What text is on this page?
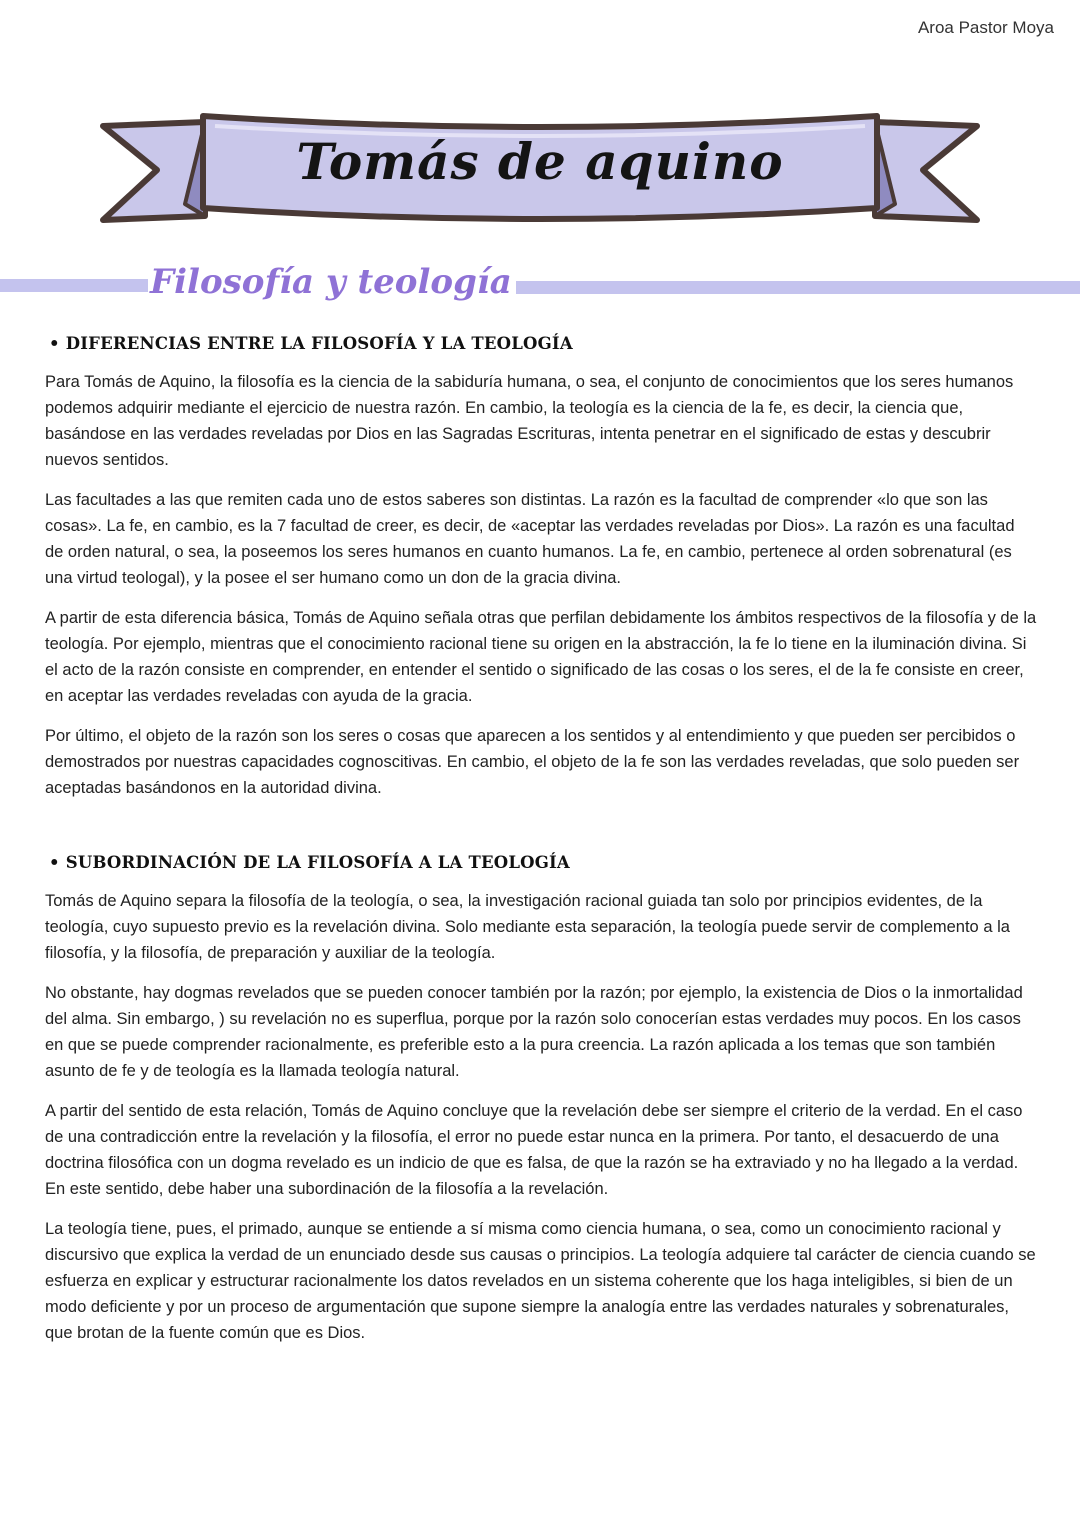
Aroa Pastor Moya
Tomás de aquino
Filosofía y teología
• DIFERENCIAS ENTRE LA FILOSOFÍA Y LA TEOLOGÍA

Para Tomás de Aquino, la filosofía es la ciencia de la sabiduría humana, o sea, el conjunto de conocimientos que los seres humanos podemos adquirir mediante el ejercicio de nuestra razón. En cambio, la teología es la ciencia de la fe, es decir, la ciencia que, basándose en las verdades reveladas por Dios en las Sagradas Escrituras, intenta penetrar en el significado de estas y descubrir nuevos sentidos.

Las facultades a las que remiten cada uno de estos saberes son distintas. La razón es la facultad de comprender «lo que son las cosas». La fe, en cambio, es la 7 facultad de creer, es decir, de «aceptar las verdades reveladas por Dios». La razón es una facultad de orden natural, o sea, la poseemos los seres humanos en cuanto humanos. La fe, en cambio, pertenece al orden sobrenatural (es una virtud teologal), y la posee el ser humano como un don de la gracia divina.

A partir de esta diferencia básica, Tomás de Aquino señala otras que perfilan debidamente los ámbitos respectivos de la filosofía y de la teología. Por ejemplo, mientras que el conocimiento racional tiene su origen en la abstracción, la fe lo tiene en la iluminación divina. Si el acto de la razón consiste en comprender, en entender el sentido o significado de las cosas o los seres, el de la fe consiste en creer, en aceptar las verdades reveladas con ayuda de la gracia.

Por último, el objeto de la razón son los seres o cosas que aparecen a los sentidos y al entendimiento y que pueden ser percibidos o demostrados por nuestras capacidades cognoscitivas. En cambio, el objeto de la fe son las verdades reveladas, que solo pueden ser aceptadas basándonos en la autoridad divina.

• SUBORDINACIÓN DE LA FILOSOFÍA A LA TEOLOGÍA

Tomás de Aquino separa la filosofía de la teología, o sea, la investigación racional guiada tan solo por principios evidentes, de la teología, cuyo supuesto previo es la revelación divina. Solo mediante esta separación, la teología puede servir de complemento a la filosofía, y la filosofía, de preparación y auxiliar de la teología.

No obstante, hay dogmas revelados que se pueden conocer también por la razón; por ejemplo, la existencia de Dios o la inmortalidad del alma. Sin embargo, ) su revelación no es superflua, porque por la razón solo conocerían estas verdades muy pocos. En los casos en que se puede comprender racionalmente, es preferible esto a la pura creencia. La razón aplicada a los temas que son también asunto de fe y de teología es la llamada teología natural.

A partir del sentido de esta relación, Tomás de Aquino concluye que la revelación debe ser siempre el criterio de la verdad. En el caso de una contradicción entre la revelación y la filosofía, el error no puede estar nunca en la primera. Por tanto, el desacuerdo de una doctrina filosófica con un dogma revelado es un indicio de que es falsa, de que la razón se ha extraviado y no ha llegado a la verdad. En este sentido, debe haber una subordinación de la filosofía a la revelación.

La teología tiene, pues, el primado, aunque se entiende a sí misma como ciencia humana, o sea, como un conocimiento racional y discursivo que explica la verdad de un enunciado desde sus causas o principios. La teología adquiere tal carácter de ciencia cuando se esfuerza en explicar y estructurar racionalmente los datos revelados en un sistema coherente que los haga inteligibles, si bien de un modo deficiente y por un proceso de argumentación que supone siempre la analogía entre las verdades naturales y sobrenaturales, que brotan de la fuente común que es Dios.
